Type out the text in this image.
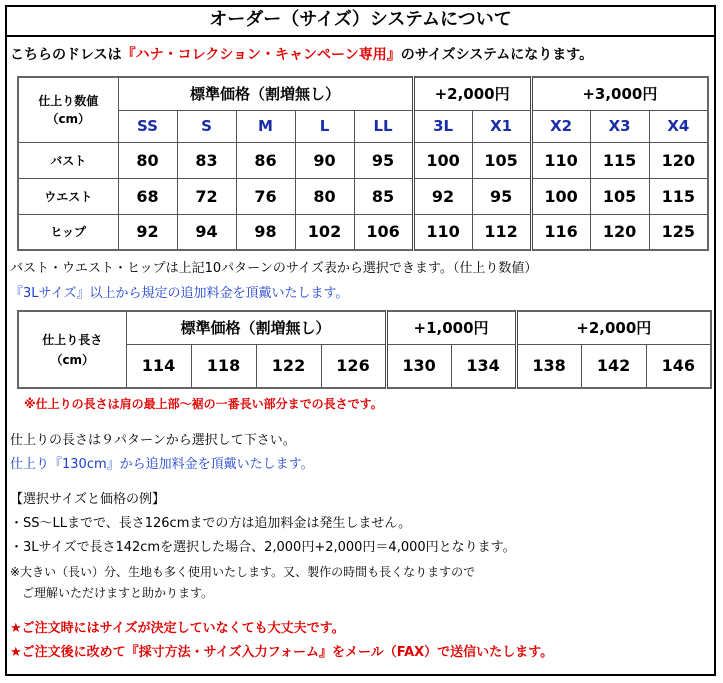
オーダー（サイズ）システムについて
こちらのドレスは『ハナ・コレクション・キャンペーン専用』のサイズシステムになります。
仕上り数値
（cm）	標準価格（割増無し）					+2,000円		+3,000円		
	SS	S	M	L	LL	3L	X1	X2	X3	X4
バスト	80	83	86	90	95	100	105	110	115	120
ウエスト	68	72	76	80	85	92	95	100	105	115
ヒップ	92	94	98	102	106	110	112	116	120	125
バスト・ウエスト・ヒップは上記10パターンのサイズ表から選択できます。（仕上り数値）
『3Lサイズ』以上から規定の追加料金を頂戴いたします。
仕上り長さ
（cm）	標準価格（割増無し）				+1,000円		+2,000円		
	114	118	122	126	130	134	138	142	146
※仕上りの長さは肩の最上部～裾の一番長い部分までの長さです。
仕上りの長さは９パターンから選択して下さい。
仕上り『130cm』から追加料金を頂戴いたします。
【選択サイズと価格の例】
・SS～LLまでで、長さ126cmまでの方は追加料金は発生しません。
・3Lサイズで長さ142cmを選択した場合、2,000円+2,000円＝4,000円となります。
※大きい（長い）分、生地も多く使用いたします。又、製作の時間も長くなりますので
ご理解いただけますと助かります。
★ご注文時にはサイズが決定していなくても大丈夫です。
★ご注文後に改めて『採寸方法・サイズ入力フォーム』をメール（FAX）で送信いたします。
